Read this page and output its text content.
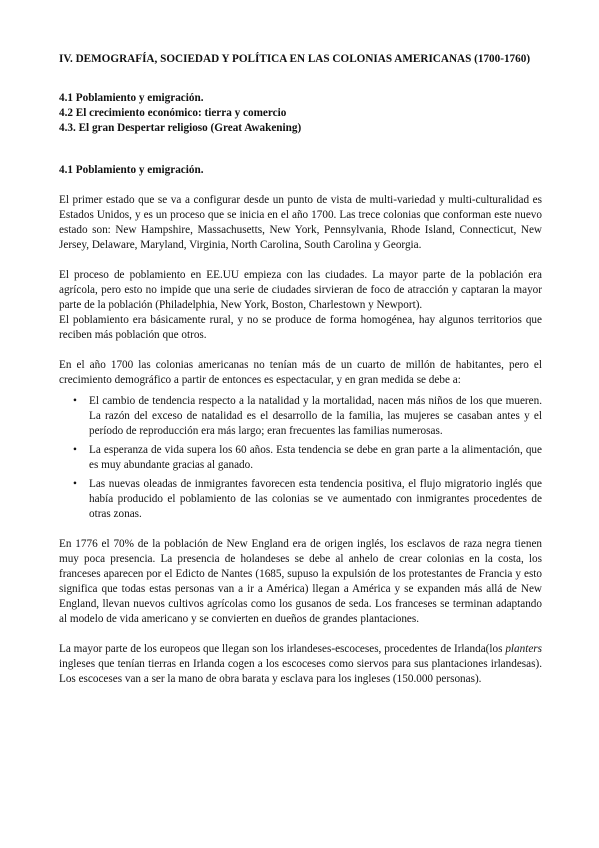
IV. DEMOGRAFÍA, SOCIEDAD Y POLÍTICA EN LAS COLONIAS AMERICANAS (1700-1760)

4.1 Poblamiento y emigración.

4.2 El crecimiento económico: tierra y comercio

4.3. El gran Despertar religioso (Great Awakening)

4.1 Poblamiento y emigración.

El primer estado que se va a configurar desde un punto de vista de multi-variedad y multi-culturalidad es Estados Unidos, y es un proceso que se inicia en el año 1700. Las trece colonias que conforman este nuevo estado son: New Hampshire, Massachusetts, New York, Pennsylvania, Rhode Island, Connecticut, New Jersey, Delaware, Maryland, Virginia, North Carolina, South Carolina y Georgia.

El proceso de poblamiento en EE.UU empieza con las ciudades. La mayor parte de la población era agrícola, pero esto no impide que una serie de ciudades sirvieran de foco de atracción y captaran la mayor parte de la población (Philadelphia, New York, Boston, Charlestown y Newport).

El poblamiento era básicamente rural, y no se produce de forma homogénea, hay algunos territorios que reciben más población que otros.

En el año 1700 las colonias americanas no tenían más de un cuarto de millón de habitantes, pero el crecimiento demográfico a partir de entonces es espectacular, y en gran medida se debe a:

• El cambio de tendencia respecto a la natalidad y la mortalidad, nacen más niños de los que mueren. La razón del exceso de natalidad es el desarrollo de la familia, las mujeres se casaban antes y el período de reproducción era más largo; eran frecuentes las familias numerosas.
• La esperanza de vida supera los 60 años. Esta tendencia se debe en gran parte a la alimentación, que es muy abundante gracias al ganado.
• Las nuevas oleadas de inmigrantes favorecen esta tendencia positiva, el flujo migratorio inglés que había producido el poblamiento de las colonias se ve aumentado con inmigrantes procedentes de otras zonas.

En 1776 el 70% de la población de New England era de origen inglés, los esclavos de raza negra tienen muy poca presencia. La presencia de holandeses se debe al anhelo de crear colonias en la costa, los franceses aparecen por el Edicto de Nantes (1685, supuso la expulsión de los protestantes de Francia y esto significa que todas estas personas van a ir a América) llegan a América y se expanden más allá de New England, llevan nuevos cultivos agrícolas como los gusanos de seda. Los franceses se terminan adaptando al modelo de vida americano y se convierten en dueños de grandes plantaciones.

La mayor parte de los europeos que llegan son los irlandeses-escoceses, procedentes de Irlanda(los planters ingleses que tenían tierras en Irlanda cogen a los escoceses como siervos para sus plantaciones irlandesas). Los escoceses van a ser la mano de obra barata y esclava para los ingleses (150.000 personas).
